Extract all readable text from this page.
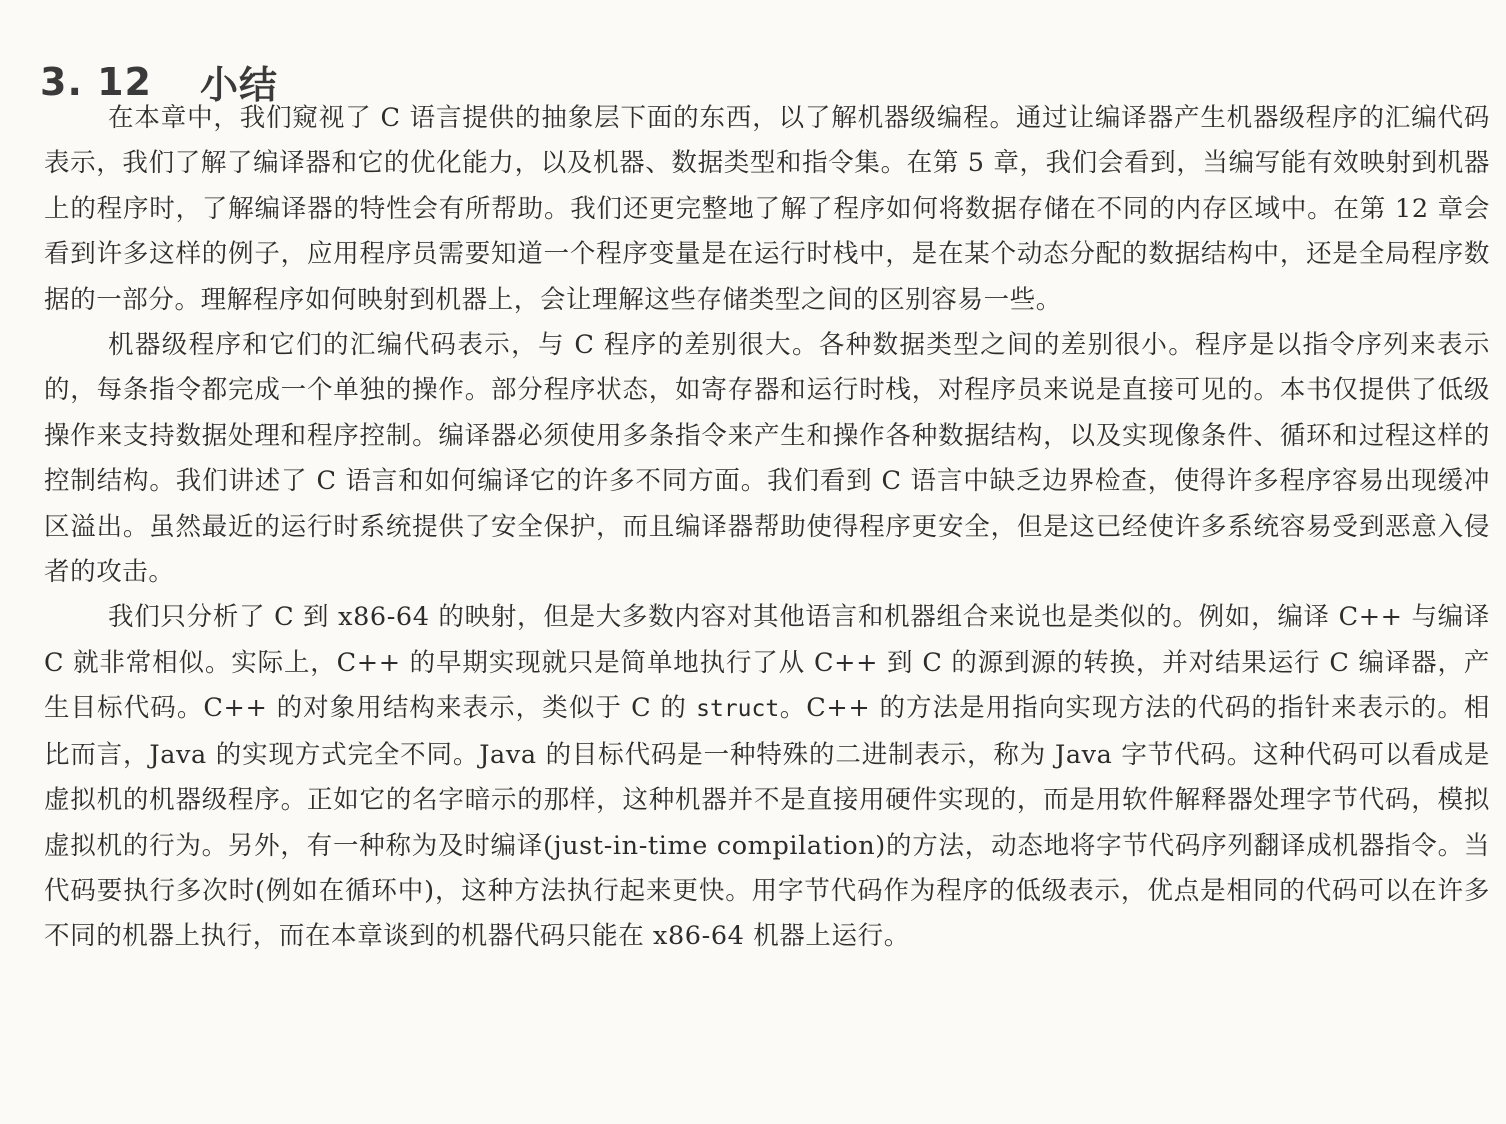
3. 12 小结

在本章中，我们窥视了 C 语言提供的抽象层下面的东西，以了解机器级编程。通过让编译器产生机器级程序的汇编代码表示，我们了解了编译器和它的优化能力，以及机器、数据类型和指令集。在第 5 章，我们会看到，当编写能有效映射到机器上的程序时，了解编译器的特性会有所帮助。我们还更完整地了解了程序如何将数据存储在不同的内存区域中。在第 12 章会看到许多这样的例子，应用程序员需要知道一个程序变量是在运行时栈中，是在某个动态分配的数据结构中，还是全局程序数据的一部分。理解程序如何映射到机器上，会让理解这些存储类型之间的区别容易一些。

机器级程序和它们的汇编代码表示，与 C 程序的差别很大。各种数据类型之间的差别很小。程序是以指令序列来表示的，每条指令都完成一个单独的操作。部分程序状态，如寄存器和运行时栈，对程序员来说是直接可见的。本书仅提供了低级操作来支持数据处理和程序控制。编译器必须使用多条指令来产生和操作各种数据结构，以及实现像条件、循环和过程这样的控制结构。我们讲述了 C 语言和如何编译它的许多不同方面。我们看到 C 语言中缺乏边界检查，使得许多程序容易出现缓冲区溢出。虽然最近的运行时系统提供了安全保护，而且编译器帮助使得程序更安全，但是这已经使许多系统容易受到恶意入侵者的攻击。

我们只分析了 C 到 x86-64 的映射，但是大多数内容对其他语言和机器组合来说也是类似的。例如，编译 C++ 与编译 C 就非常相似。实际上，C++ 的早期实现就只是简单地执行了从 C++ 到 C 的源到源的转换，并对结果运行 C 编译器，产生目标代码。C++ 的对象用结构来表示，类似于 C 的 struct。C++ 的方法是用指向实现方法的代码的指针来表示的。相比而言，Java 的实现方式完全不同。Java 的目标代码是一种特殊的二进制表示，称为 Java 字节代码。这种代码可以看成是虚拟机的机器级程序。正如它的名字暗示的那样，这种机器并不是直接用硬件实现的，而是用软件解释器处理字节代码，模拟虚拟机的行为。另外，有一种称为及时编译(just-in-time compilation)的方法，动态地将字节代码序列翻译成机器指令。当代码要执行多次时(例如在循环中)，这种方法执行起来更快。用字节代码作为程序的低级表示，优点是相同的代码可以在许多不同的机器上执行，而在本章谈到的机器代码只能在 x86-64 机器上运行。
